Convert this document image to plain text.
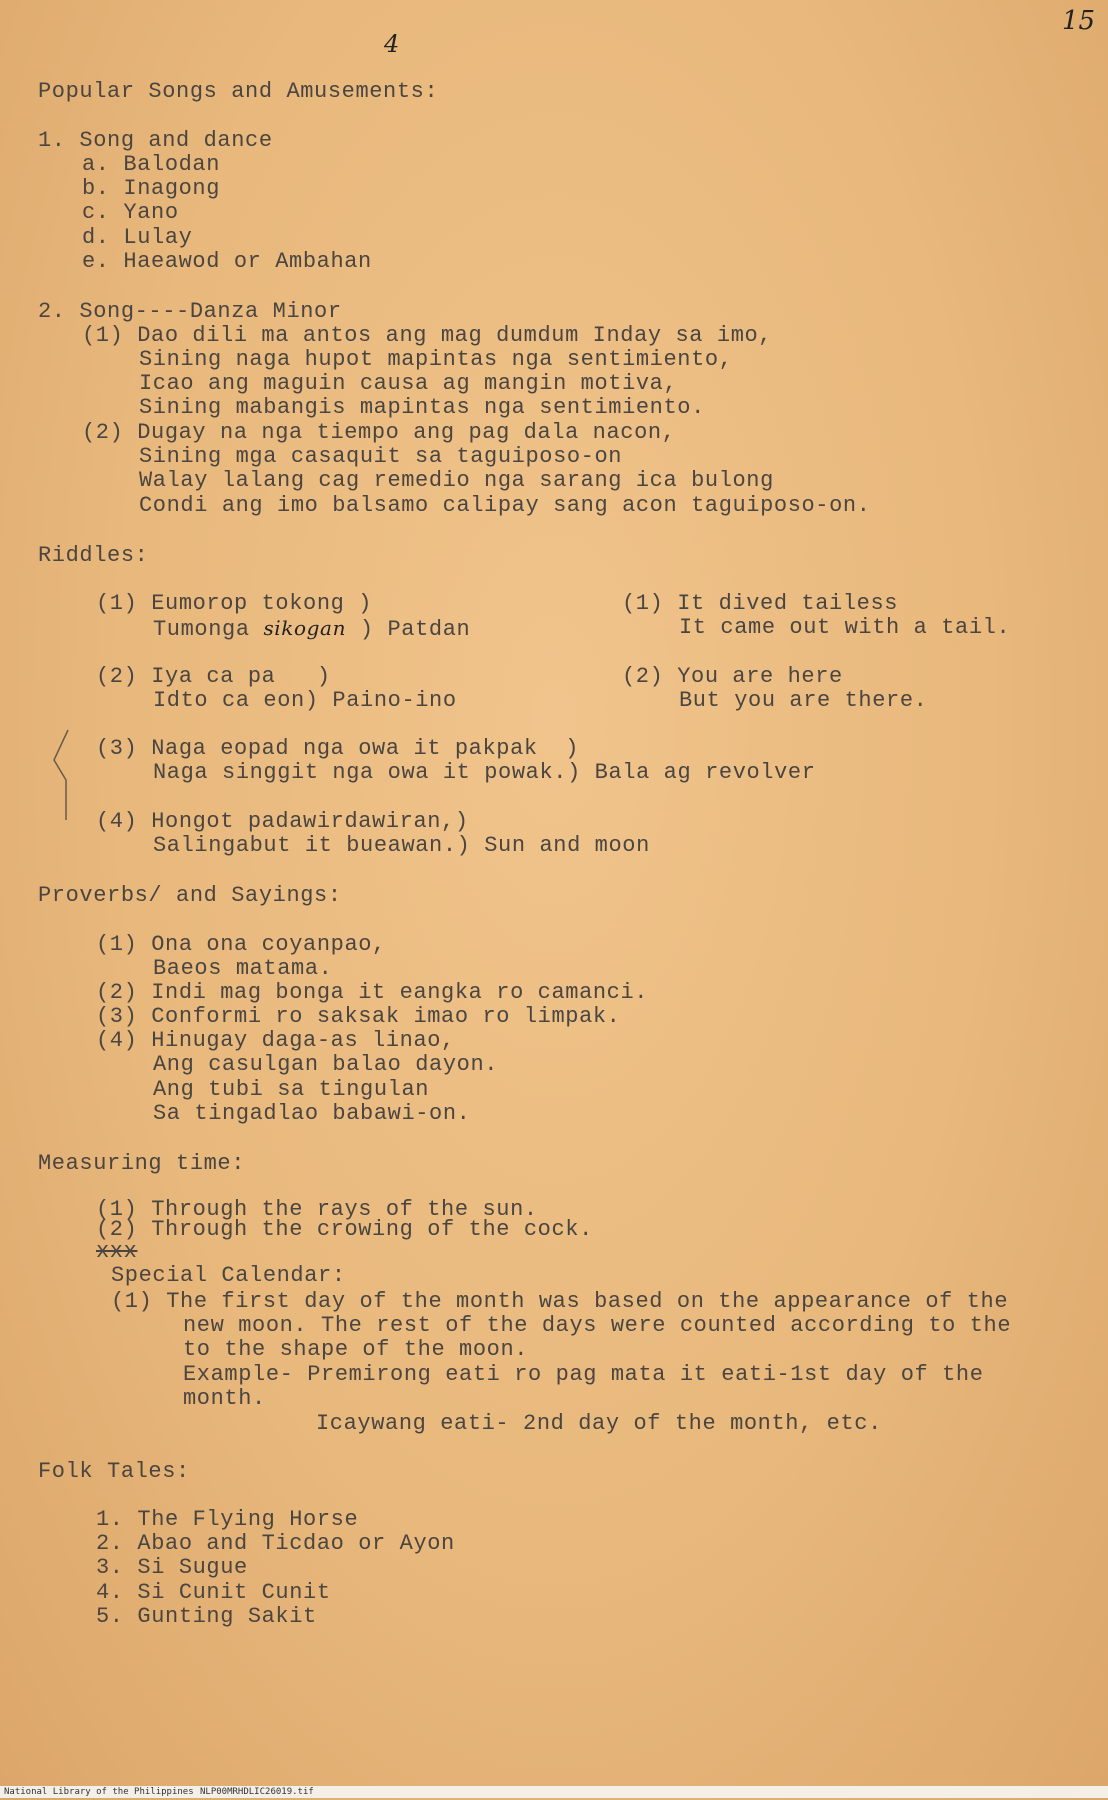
4
15
Popular Songs and Amusements:
1. Song and dance
a. Balodan
b. Inagong
c. Yano
d. Lulay
e. Haeawod or Ambahan
2. Song----Danza Minor
(1) Dao dili ma antos ang mag dumdum Inday sa imo,
Sining naga hupot mapintas nga sentimiento,
Icao ang maguin causa ag mangin motiva,
Sining mabangis mapintas nga sentimiento.
(2) Dugay na nga tiempo ang pag dala nacon,
Sining mga casaquit sa taguiposo-on
Walay lalang cag remedio nga sarang ica bulong
Condi ang imo balsamo calipay sang acon taguiposo-on.
Riddles:
(1) Eumorop tokong )
Tumonga sikogan ) Patdan
(1) It dived tailess
It came out with a tail.
(2) Iya ca pa   )
Idto ca eon) Paino-ino
(2) You are here
But you are there.
(3) Naga eopad nga owa it pakpak  )
Naga singgit nga owa it powak.) Bala ag revolver
(4) Hongot padawirdawiran,)
Salingabut it bueawan.) Sun and moon
Proverbs/ and Sayings:
(1) Ona ona coyanpao,
Baeos matama.
(2) Indi mag bonga it eangka ro camanci.
(3) Conformi ro saksak imao ro limpak.
(4) Hinugay daga-as linao,
Ang casulgan balao dayon.
Ang tubi sa tingulan
Sa tingadlao babawi-on.
Measuring time:
(1) Through the rays of the sun.
(2) Through the crowing of the cock.
xxx
Special Calendar:
(1) The first day of the month was based on the appearance of the
new moon. The rest of the days were counted according to the
to the shape of the moon.
Example- Premirong eati ro pag mata it eati-1st day of the
month.
Icaywang eati- 2nd day of the month, etc.
Folk Tales:
1. The Flying Horse
2. Abao and Ticdao or Ayon
3. Si Sugue
4. Si Cunit Cunit
5. Gunting Sakit
National Library of the Philippines NLP00MRHDLIC26019.tif
